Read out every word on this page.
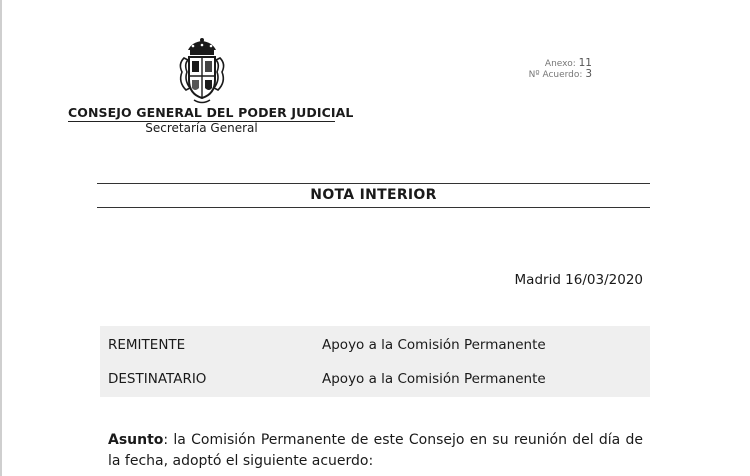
CONSEJO GENERAL DEL PODER JUDICIAL
Secretaría General
Anexo: 11
Nº Acuerdo: 3
NOTA INTERIOR
Madrid 16/03/2020
REMITENTE	Apoyo a la Comisión Permanente
DESTINATARIO	Apoyo a la Comisión Permanente
Asunto: la Comisión Permanente de este Consejo en su reunión del día de la fecha, adoptó el siguiente acuerdo:
